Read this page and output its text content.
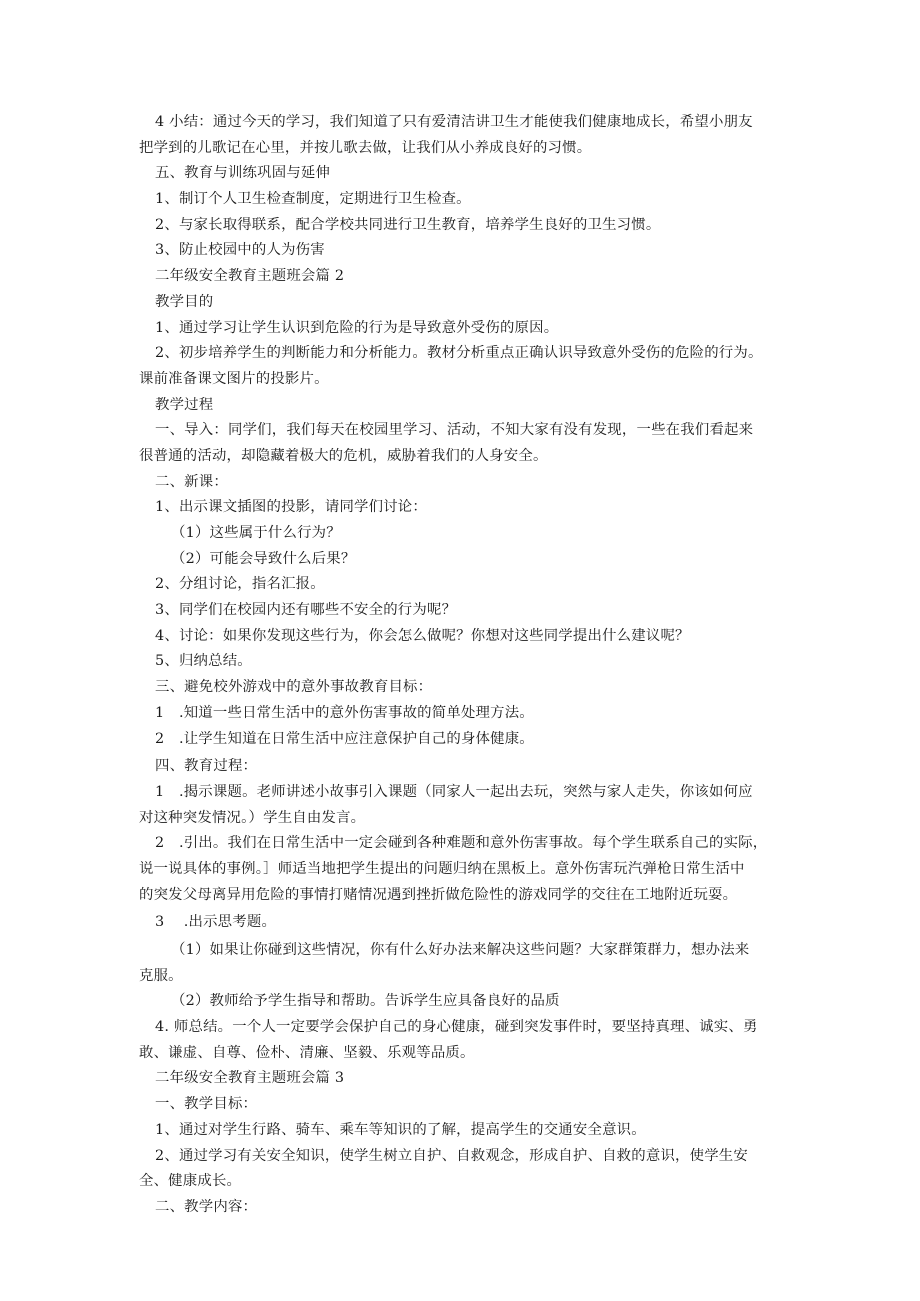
4 小结：通过今天的学习，我们知道了只有爱清洁讲卫生才能使我们健康地成长，希望小朋友
把学到的儿歌记在心里，并按儿歌去做，让我们从小养成良好的习惯。
五、教育与训练巩固与延伸
1、制订个人卫生检查制度，定期进行卫生检查。
2、与家长取得联系，配合学校共同进行卫生教育，培养学生良好的卫生习惯。
3、防止校园中的人为伤害
二年级安全教育主题班会篇 2
教学目的
1、通过学习让学生认识到危险的行为是导致意外受伤的原因。
2、初步培养学生的判断能力和分析能力。教材分析重点正确认识导致意外受伤的危险的行为。
课前准备课文图片的投影片。
教学过程
一、导入：同学们，我们每天在校园里学习、活动，不知大家有没有发现，一些在我们看起来
很普通的活动，却隐藏着极大的危机，威胁着我们的人身安全。
二、新课：
1、出示课文插图的投影，请同学们讨论：
（1）这些属于什么行为？
（2）可能会导致什么后果？
2、分组讨论，指名汇报。
3、同学们在校园内还有哪些不安全的行为呢？
4、讨论：如果你发现这些行为，你会怎么做呢？你想对这些同学提出什么建议呢？
5、归纳总结。
三、避免校外游戏中的意外事故教育目标：
1　.知道一些日常生活中的意外伤害事故的简单处理方法。
2　.让学生知道在日常生活中应注意保护自己的身体健康。
四、教育过程：
1　.揭示课题。老师讲述小故事引入课题（同家人一起出去玩，突然与家人走失，你该如何应
对这种突发情况。）学生自由发言。
2　.引出。我们在日常生活中一定会碰到各种难题和意外伤害事故。每个学生联系自己的实际，
说一说具体的事例。］师适当地把学生提出的问题归纳在黑板上。意外伤害玩汽弹枪日常生活中
的突发父母离异用危险的事情打赌情况遇到挫折做危险性的游戏同学的交往在工地附近玩耍。
3　 .出示思考题。
（1）如果让你碰到这些情况，你有什么好办法来解决这些问题？大家群策群力，想办法来
克服。
（2）教师给予学生指导和帮助。告诉学生应具备良好的品质
4. 师总结。一个人一定要学会保护自己的身心健康，碰到突发事件时，要坚持真理、诚实、勇
敢、谦虚、自尊、俭朴、清廉、坚毅、乐观等品质。
二年级安全教育主题班会篇 3
一、教学目标：
1、通过对学生行路、骑车、乘车等知识的了解，提高学生的交通安全意识。
2、通过学习有关安全知识，使学生树立自护、自救观念，形成自护、自救的意识，使学生安
全、健康成长。
二、教学内容：
